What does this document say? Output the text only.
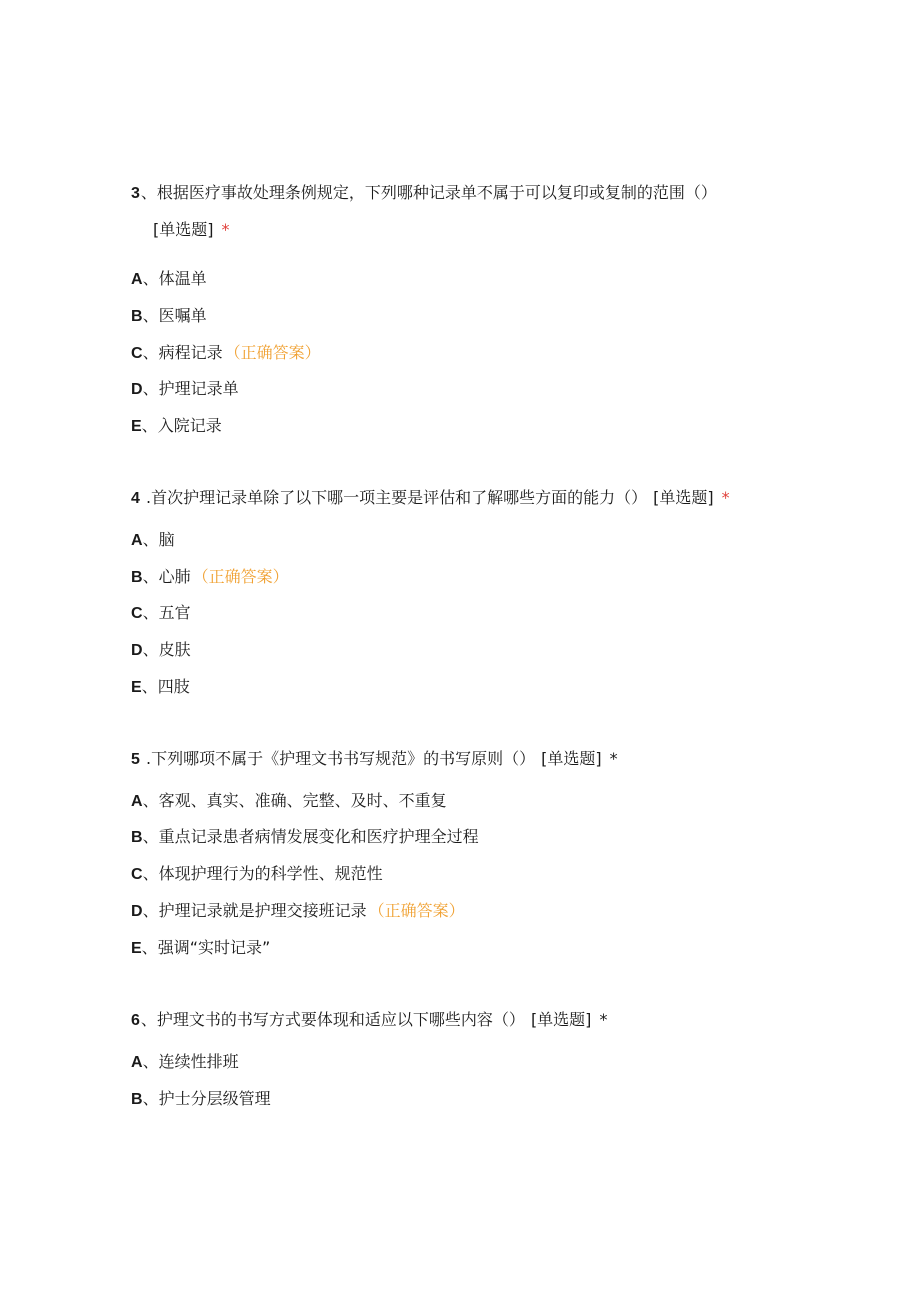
3、根据医疗事故处理条例规定，下列哪种记录单不属于可以复印或复制的范围（）
[单选题] *
A、体温单
B、医嘱单
C、病程记录 （正确答案）
D、护理记录单
E、入院记录
4 .首次护理记录单除了以下哪一项主要是评估和了解哪些方面的能力（） [单选题] *
A、脑
B、心肺 （正确答案）
C、五官
D、皮肤
E、四肢
5 .下列哪项不属于《护理文书书写规范》的书写原则（） [单选题] *
A、客观、真实、准确、完整、及时、不重复
B、重点记录患者病情发展变化和医疗护理全过程
C、体现护理行为的科学性、规范性
D、护理记录就是护理交接班记录 （正确答案）
E、强调“实时记录”
6、护理文书的书写方式要体现和适应以下哪些内容（） [单选题] *
A、连续性排班
B、护士分层级管理
